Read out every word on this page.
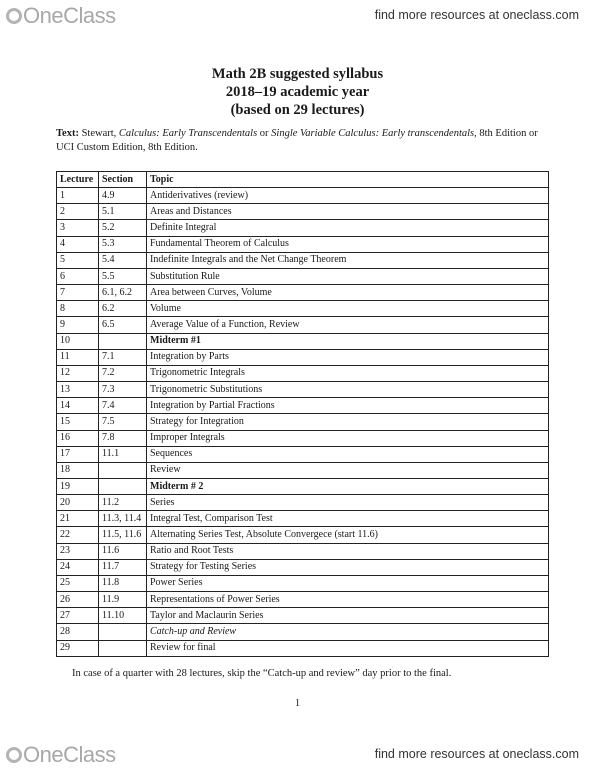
OneClass	find more resources at oneclass.com
Math 2B suggested syllabus
2018–19 academic year
(based on 29 lectures)
Text: Stewart, Calculus: Early Transcendentals or Single Variable Calculus: Early transcendentals, 8th Edition or UCI Custom Edition, 8th Edition.
Lecture	Section	Topic
1	4.9	Antiderivatives (review)
2	5.1	Areas and Distances
3	5.2	Definite Integral
4	5.3	Fundamental Theorem of Calculus
5	5.4	Indefinite Integrals and the Net Change Theorem
6	5.5	Substitution Rule
7	6.1, 6.2	Area between Curves, Volume
8	6.2	Volume
9	6.5	Average Value of a Function, Review
10		Midterm #1
11	7.1	Integration by Parts
12	7.2	Trigonometric Integrals
13	7.3	Trigonometric Substitutions
14	7.4	Integration by Partial Fractions
15	7.5	Strategy for Integration
16	7.8	Improper Integrals
17	11.1	Sequences
18		Review
19		Midterm # 2
20	11.2	Series
21	11.3, 11.4	Integral Test, Comparison Test
22	11.5, 11.6	Alternating Series Test, Absolute Convergece (start 11.6)
23	11.6	Ratio and Root Tests
24	11.7	Strategy for Testing Series
25	11.8	Power Series
26	11.9	Representations of Power Series
27	11.10	Taylor and Maclaurin Series
28		Catch-up and Review
29		Review for final
In case of a quarter with 28 lectures, skip the “Catch-up and review” day prior to the final.
1
OneClass	find more resources at oneclass.com
